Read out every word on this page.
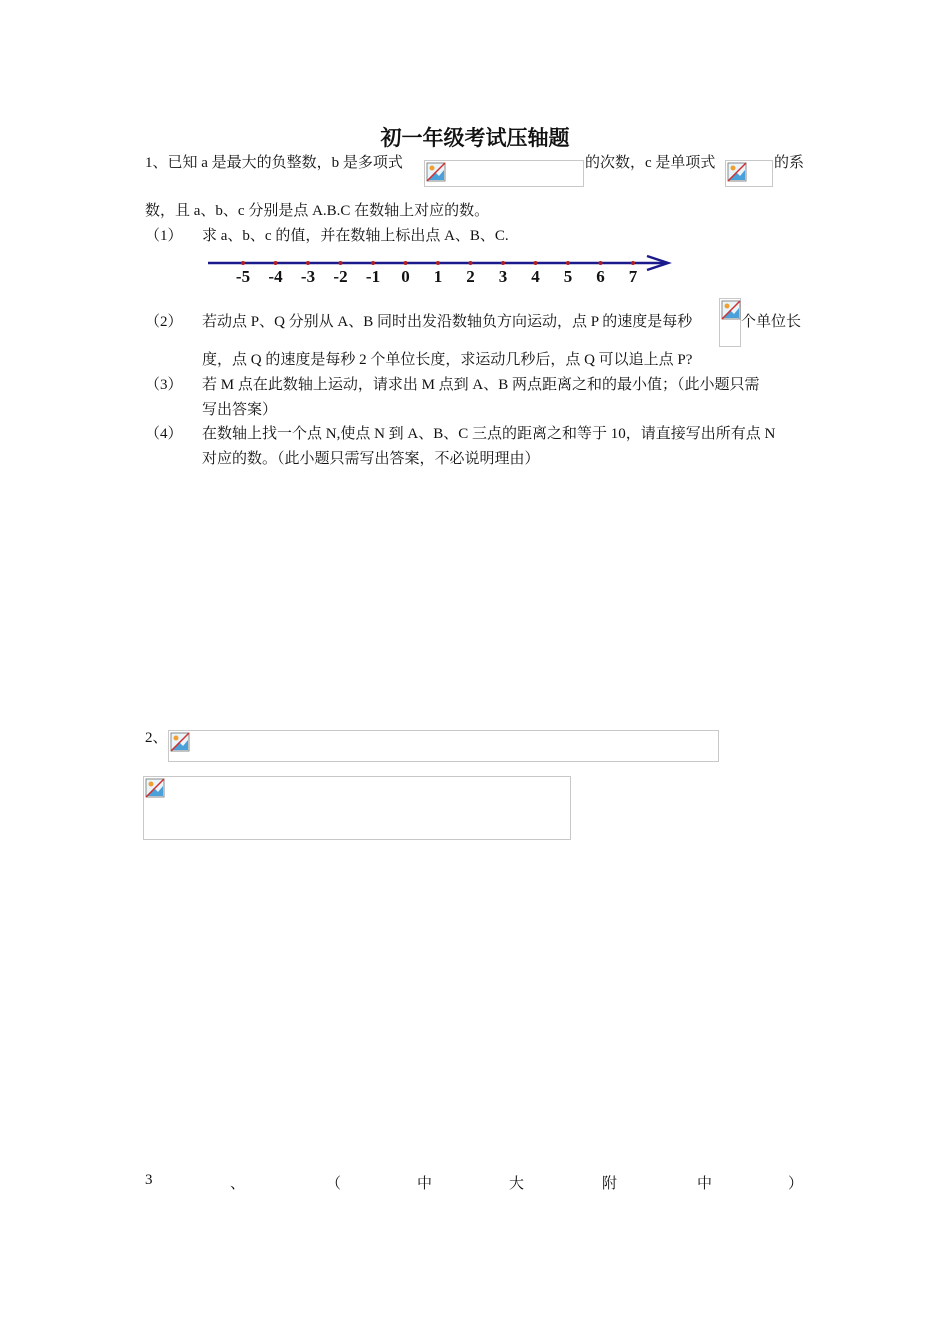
初一年级考试压轴题
1、已知 a 是最大的负整数，b 是多项式	的次数，c 是单项式	的系
数，且 a、b、c 分别是点 A.B.C 在数轴上对应的数。
（1） 求 a、b、c 的值，并在数轴上标出点 A、B、C.
-5 -4 -3 -2 -1	0	1	2	3	4	5	6	7
（2） 若动点 P、Q 分别从 A、B 同时出发沿数轴负方向运动，点 P 的速度是每秒	个单位长
度，点 Q 的速度是每秒 2 个单位长度，求运动几秒后，点 Q 可以追上点 P?
（3） 若 M 点在此数轴上运动，请求出 M 点到 A、B 两点距离之和的最小值；（此小题只需
写出答案）
（4） 在数轴上找一个点 N,使点 N 到 A、B、C 三点的距离之和等于 10，请直接写出所有点 N
对应的数。（此小题只需写出答案，不必说明理由）
2、
3	、	（	中	大	附	中	）
